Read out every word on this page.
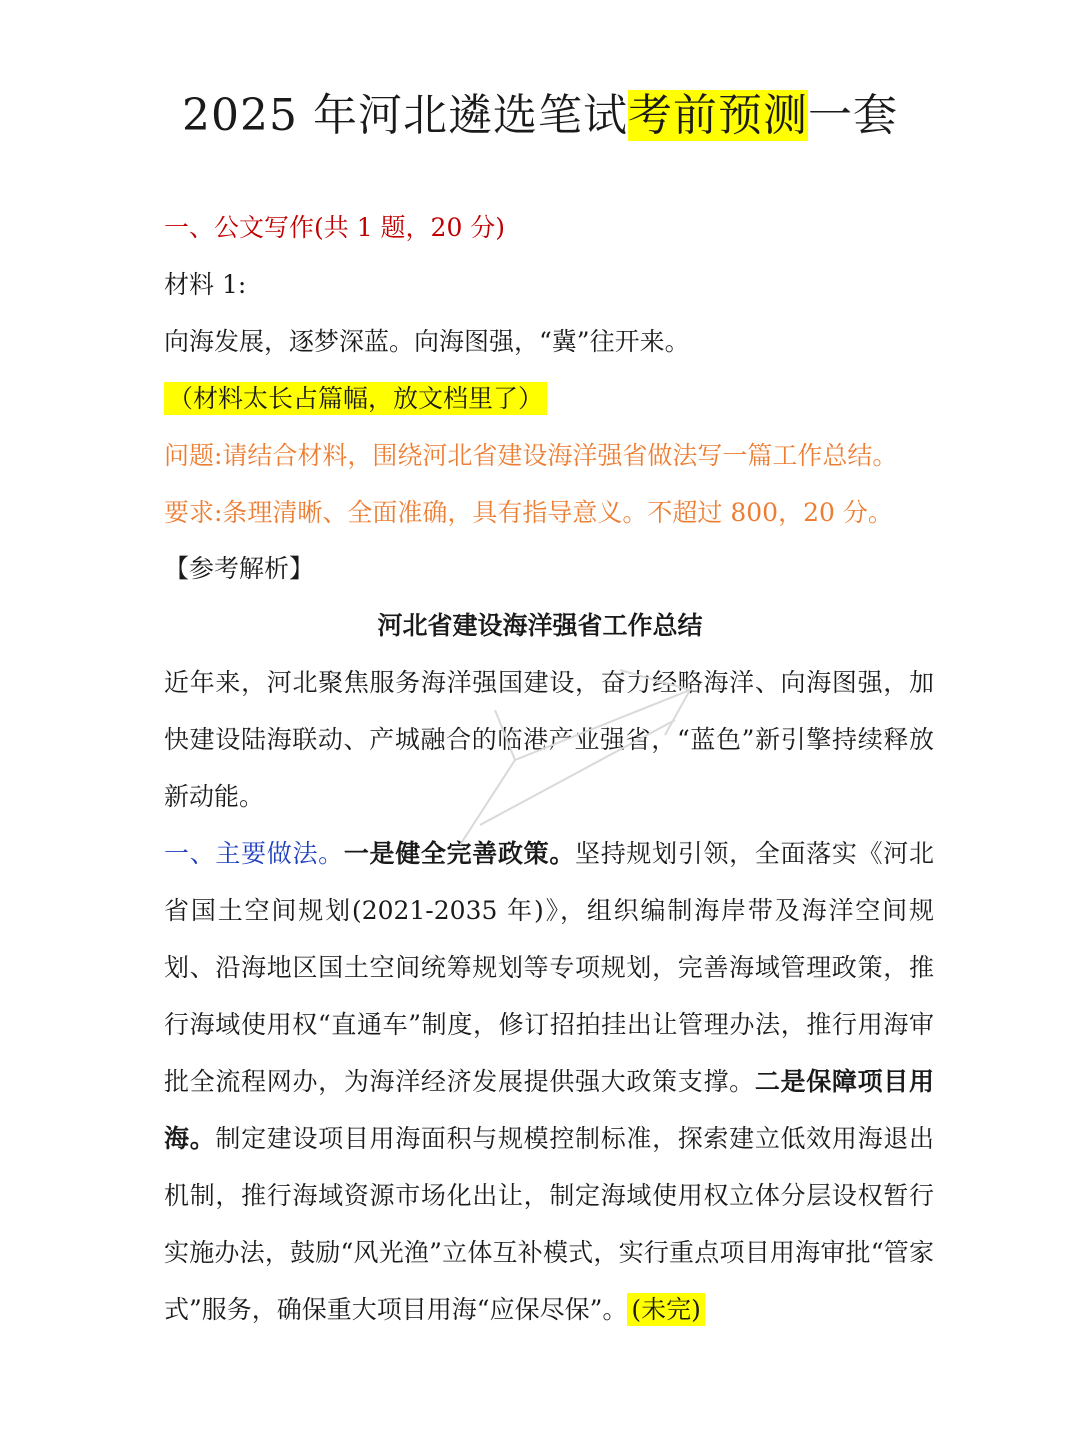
2025 年河北遴选笔试考前预测一套
一、公文写作(共 1 题，20 分)
材料 1:
向海发展，逐梦深蓝。向海图强，“冀”往开来。
（材料太长占篇幅，放文档里了）
问题:请结合材料，围绕河北省建设海洋强省做法写一篇工作总结。
要求:条理清晰、全面准确，具有指导意义。不超过 800，20 分。
【参考解析】
河北省建设海洋强省工作总结
近年来，河北聚焦服务海洋强国建设，奋力经略海洋、向海图强，加快建设陆海联动、产城融合的临港产业强省，“蓝色”新引擎持续释放新动能。
一、主要做法。一是健全完善政策。坚持规划引领，全面落实《河北省国土空间规划(2021-2035 年)》，组织编制海岸带及海洋空间规划、沿海地区国土空间统筹规划等专项规划，完善海域管理政策，推行海域使用权“直通车”制度，修订招拍挂出让管理办法，推行用海审批全流程网办，为海洋经济发展提供强大政策支撑。二是保障项目用海。制定建设项目用海面积与规模控制标准，探索建立低效用海退出机制，推行海域资源市场化出让，制定海域使用权立体分层设权暂行实施办法，鼓励“风光渔”立体互补模式，实行重点项目用海审批“管家式”服务，确保重大项目用海“应保尽保”。 (未完)
